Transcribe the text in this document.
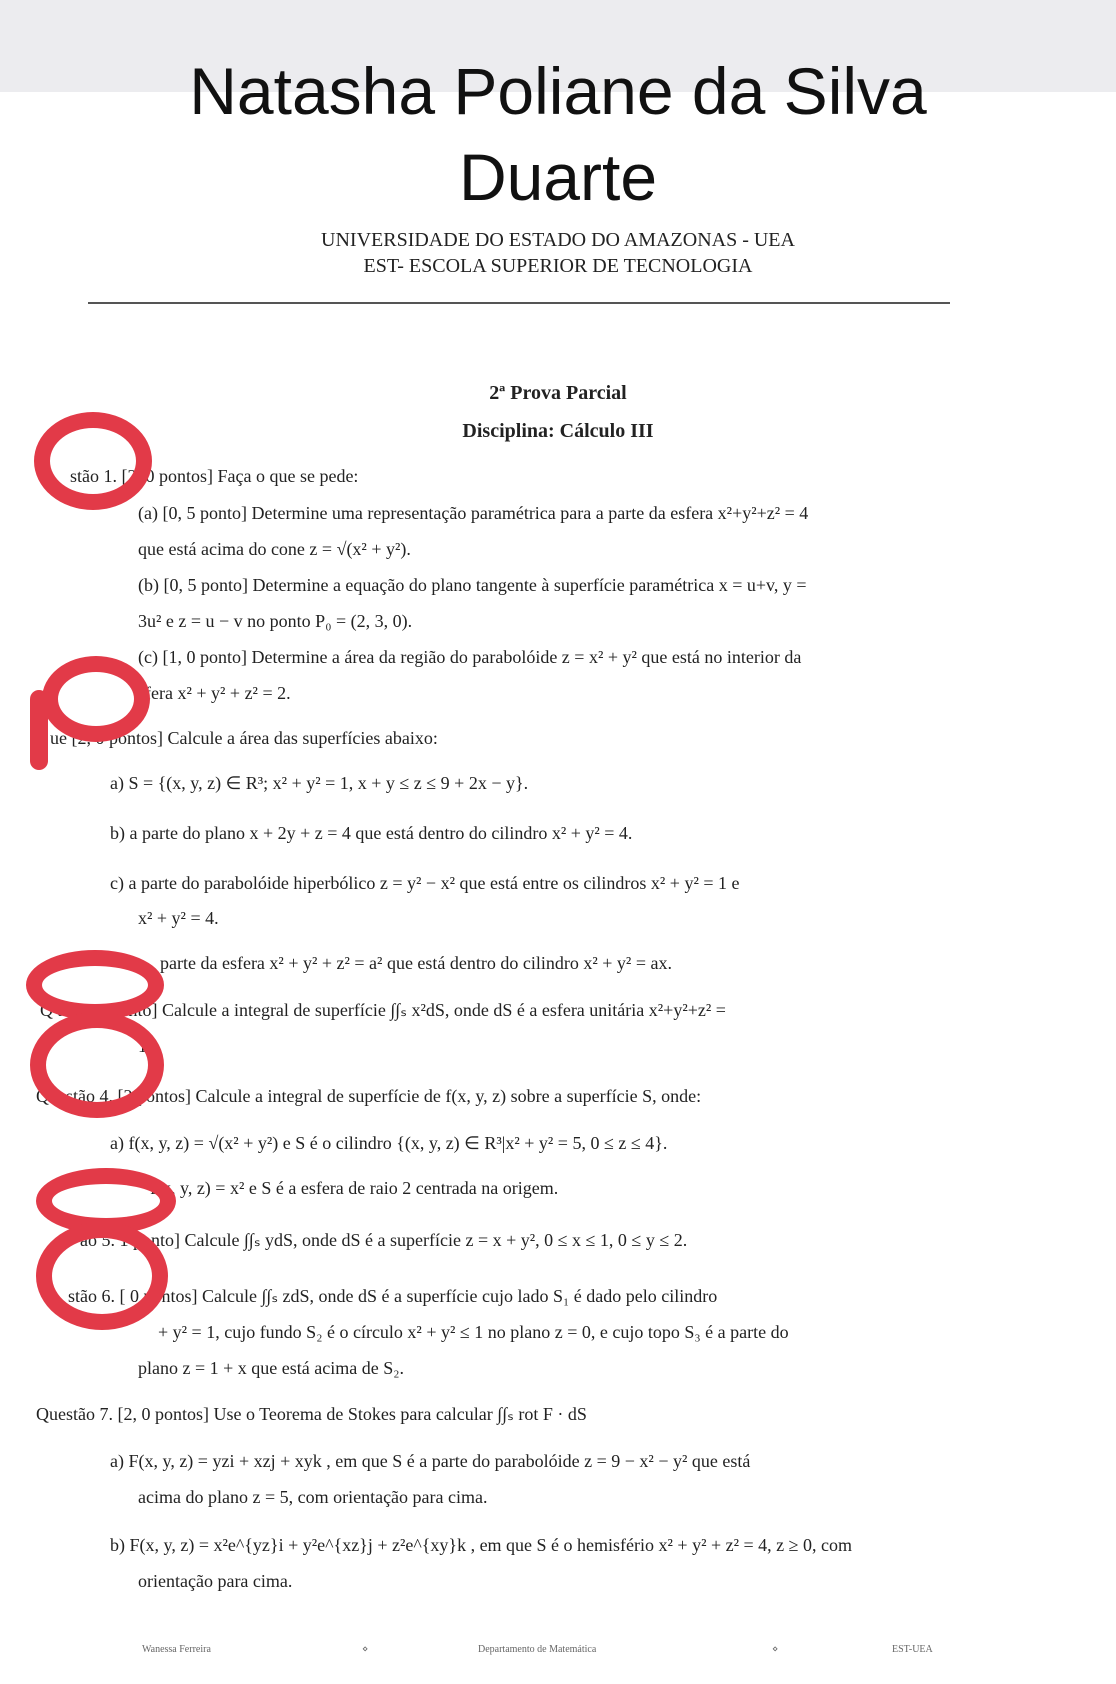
Natasha Poliane da Silva
Duarte
UNIVERSIDADE DO ESTADO DO AMAZONAS - UEA
EST- ESCOLA SUPERIOR DE TECNOLOGIA
2ª Prova Parcial
Disciplina: Cálculo III
stão 1. [2, 0 pontos] Faça o que se pede:
(a) [0, 5 ponto] Determine uma representação paramétrica para a parte da esfera x²+y²+z² = 4
que está acima do cone z = √(x² + y²).
(b) [0, 5 ponto] Determine a equação do plano tangente à superfície paramétrica x = u+v, y =
3u² e z = u − v no ponto P₀ = (2, 3, 0).
(c) [1, 0 ponto] Determine a área da região do parabolóide z = x² + y² que está no interior da
sfera x² + y² + z² = 2.
ue [2, 0 pontos] Calcule a área das superfícies abaixo:
a) S = {(x, y, z) ∈ R³; x² + y² = 1, x + y ≤ z ≤ 9 + 2x − y}.
b) a parte do plano x + 2y + z = 4 que está dentro do cilindro x² + y² = 4.
c) a parte do parabolóide hiperbólico z = y² − x² que está entre os cilindros x² + y² = 1 e
x² + y² = 4.
parte da esfera x² + y² + z² = a² que está dentro do cilindro x² + y² = ax.
Q ão 3. 1 ponto] Calcule a integral de superfície ∫∫ₛ x²dS, onde dS é a esfera unitária x²+y²+z² =
1
Questão 4. [2 pontos] Calcule a integral de superfície de f(x, y, z) sobre a superfície S, onde:
a) f(x, y, z) = √(x² + y²) e S é o cilindro {(x, y, z) ∈ R³|x² + y² = 5, 0 ≤ z ≤ 4}.
f(x, y, z) = x² e S é a esfera de raio 2 centrada na origem.
ão 5. 1 ponto] Calcule ∫∫ₛ ydS, onde dS é a superfície z = x + y², 0 ≤ x ≤ 1, 0 ≤ y ≤ 2.
stão 6. [ 0 pontos] Calcule ∫∫ₛ zdS, onde dS é a superfície cujo lado S₁ é dado pelo cilindro
+ y² = 1, cujo fundo S₂ é o círculo x² + y² ≤ 1 no plano z = 0, e cujo topo S₃ é a parte do
plano z = 1 + x que está acima de S₂.
Questão 7. [2, 0 pontos] Use o Teorema de Stokes para calcular ∫∫ₛ rot F · dS
a) F(x, y, z) = yzi + xzj + xyk , em que S é a parte do parabolóide z = 9 − x² − y² que está
acima do plano z = 5, com orientação para cima.
b) F(x, y, z) = x²e^{yz}i + y²e^{xz}j + z²e^{xy}k , em que S é o hemisfério x² + y² + z² = 4, z ≥ 0, com
orientação para cima.
Wanessa Ferreira	⋄	Departamento de Matemática	⋄	EST-UEA
